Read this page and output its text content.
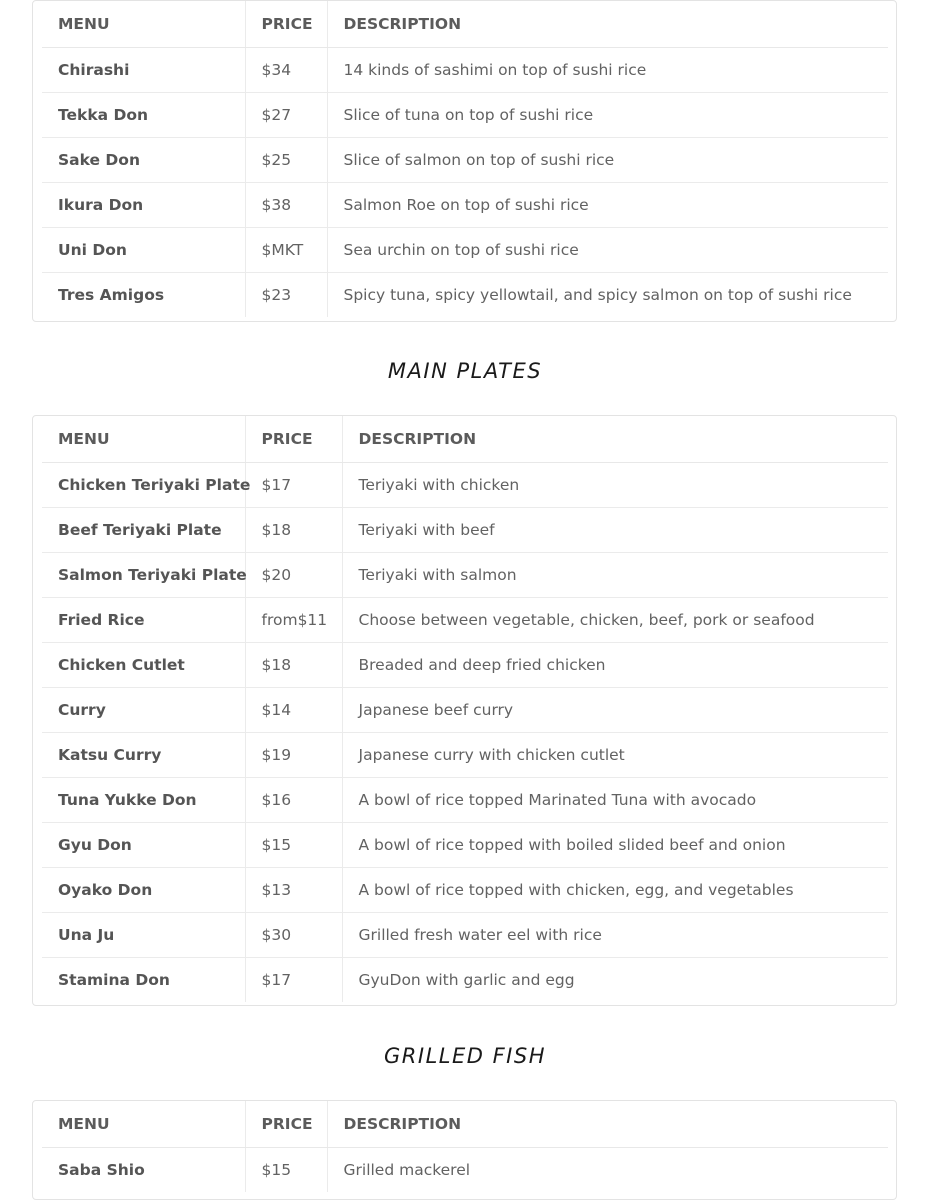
MENU	PRICE	DESCRIPTION
Chirashi	$34	14 kinds of sashimi on top of sushi rice
Tekka Don	$27	Slice of tuna on top of sushi rice
Sake Don	$25	Slice of salmon on top of sushi rice
Ikura Don	$38	Salmon Roe on top of sushi rice
Uni Don	$MKT	Sea urchin on top of sushi rice
Tres Amigos	$23	Spicy tuna, spicy yellowtail, and spicy salmon on top of sushi rice
MAIN PLATES
MENU	PRICE	DESCRIPTION
Chicken Teriyaki Plate	$17	Teriyaki with chicken
Beef Teriyaki Plate	$18	Teriyaki with beef
Salmon Teriyaki Plate	$20	Teriyaki with salmon
Fried Rice	from$11	Choose between vegetable, chicken, beef, pork or seafood
Chicken Cutlet	$18	Breaded and deep fried chicken
Curry	$14	Japanese beef curry
Katsu Curry	$19	Japanese curry with chicken cutlet
Tuna Yukke Don	$16	A bowl of rice topped Marinated Tuna with avocado
Gyu Don	$15	A bowl of rice topped with boiled slided beef and onion
Oyako Don	$13	A bowl of rice topped with chicken, egg, and vegetables
Una Ju	$30	Grilled fresh water eel with rice
Stamina Don	$17	GyuDon with garlic and egg
GRILLED FISH
MENU	PRICE	DESCRIPTION
Saba Shio	$15	Grilled mackerel
